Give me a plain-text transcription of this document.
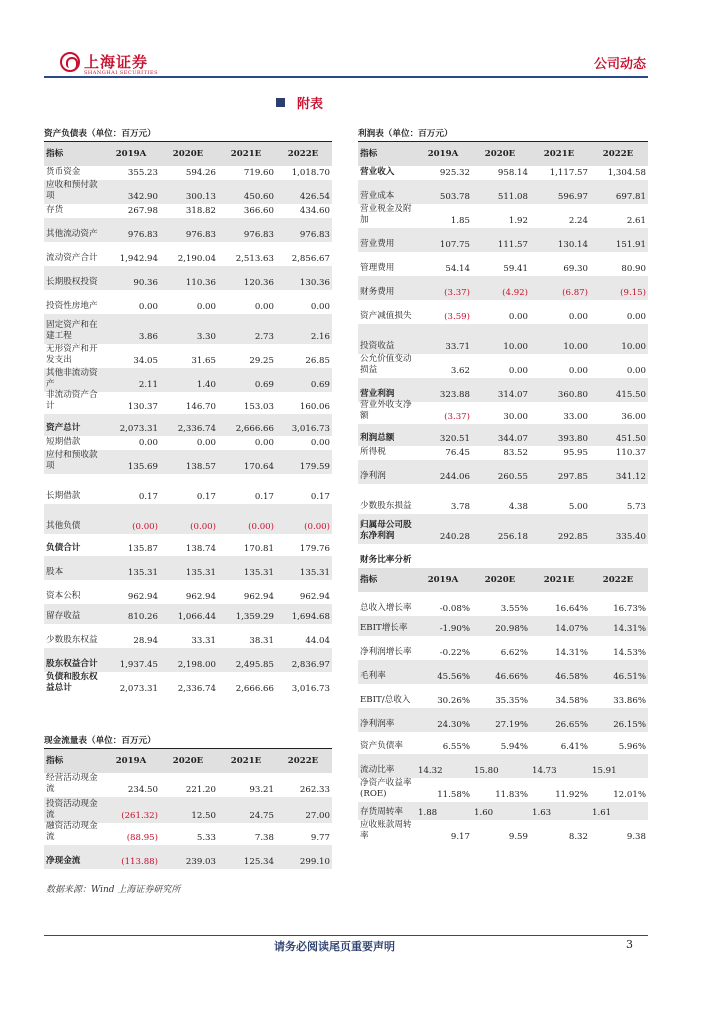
上海证券
SHANGHAI SECURITIES
公司动态
附表
资产负债表（单位：百万元）
指标	2019A	2020E	2021E	2022E
货币资金	355.23	594.26	719.60	1,018.70
应收和预付款项	342.90	300.13	450.60	426.54
存货	267.98	318.82	366.60	434.60
其他流动资产	976.83	976.83	976.83	976.83
流动资产合计	1,942.94	2,190.04	2,513.63	2,856.67
长期股权投资	90.36	110.36	120.36	130.36
投资性房地产	0.00	0.00	0.00	0.00
固定资产和在建工程	3.86	3.30	2.73	2.16
无形资产和开发支出	34.05	31.65	29.25	26.85
其他非流动资产	2.11	1.40	0.69	0.69
非流动资产合计	130.37	146.70	153.03	160.06
资产总计	2,073.31	2,336.74	2,666.66	3,016.73
短期借款	0.00	0.00	0.00	0.00
应付和预收款项	135.69	138.57	170.64	179.59
长期借款	0.17	0.17	0.17	0.17
其他负债	(0.00)	(0.00)	(0.00)	(0.00)
负债合计	135.87	138.74	170.81	179.76
股本	135.31	135.31	135.31	135.31
资本公积	962.94	962.94	962.94	962.94
留存收益	810.26	1,066.44	1,359.29	1,694.68
少数股东权益	28.94	33.31	38.31	44.04
股东权益合计	1,937.45	2,198.00	2,495.85	2,836.97
负债和股东权益总计	2,073.31	2,336.74	2,666.66	3,016.73
现金流量表（单位：百万元）
指标	2019A	2020E	2021E	2022E
经营活动现金流	234.50	221.20	93.21	262.33
投资活动现金流	(261.32)	12.50	24.75	27.00
融资活动现金流	(88.95)	5.33	7.38	9.77
净现金流	(113.88)	239.03	125.34	299.10
利润表（单位：百万元）
指标	2019A	2020E	2021E	2022E
营业收入	925.32	958.14	1,117.57	1,304.58
营业成本	503.78	511.08	596.97	697.81
营业税金及附加	1.85	1.92	2.24	2.61
营业费用	107.75	111.57	130.14	151.91
管理费用	54.14	59.41	69.30	80.90
财务费用	(3.37)	(4.92)	(6.87)	(9.15)
资产减值损失	(3.59)	0.00	0.00	0.00
投资收益	33.71	10.00	10.00	10.00
公允价值变动损益	3.62	0.00	0.00	0.00
营业利润	323.88	314.07	360.80	415.50
营业外收支净额	(3.37)	30.00	33.00	36.00
利润总额	320.51	344.07	393.80	451.50
所得税	76.45	83.52	95.95	110.37
净利润	244.06	260.55	297.85	341.12
少数股东损益	3.78	4.38	5.00	5.73
归属母公司股东净利润	240.28	256.18	292.85	335.40
财务比率分析
指标	2019A	2020E	2021E	2022E
总收入增长率	-0.08%	3.55%	16.64%	16.73%
EBIT增长率	-1.90%	20.98%	14.07%	14.31%
净利润增长率	-0.22%	6.62%	14.31%	14.53%
毛利率	45.56%	46.66%	46.58%	46.51%
EBIT/总收入	30.26%	35.35%	34.58%	33.86%
净利润率	24.30%	27.19%	26.65%	26.15%
资产负债率	6.55%	5.94%	6.41%	5.96%
流动比率	14.32	15.80	14.73	15.91
净资产收益率(ROE)	11.58%	11.83%	11.92%	12.01%
存货周转率	1.88	1.60	1.63	1.61
应收账款周转率	9.17	9.59	8.32	9.38
数据来源：Wind 上海证券研究所
请务必阅读尾页重要声明	3
